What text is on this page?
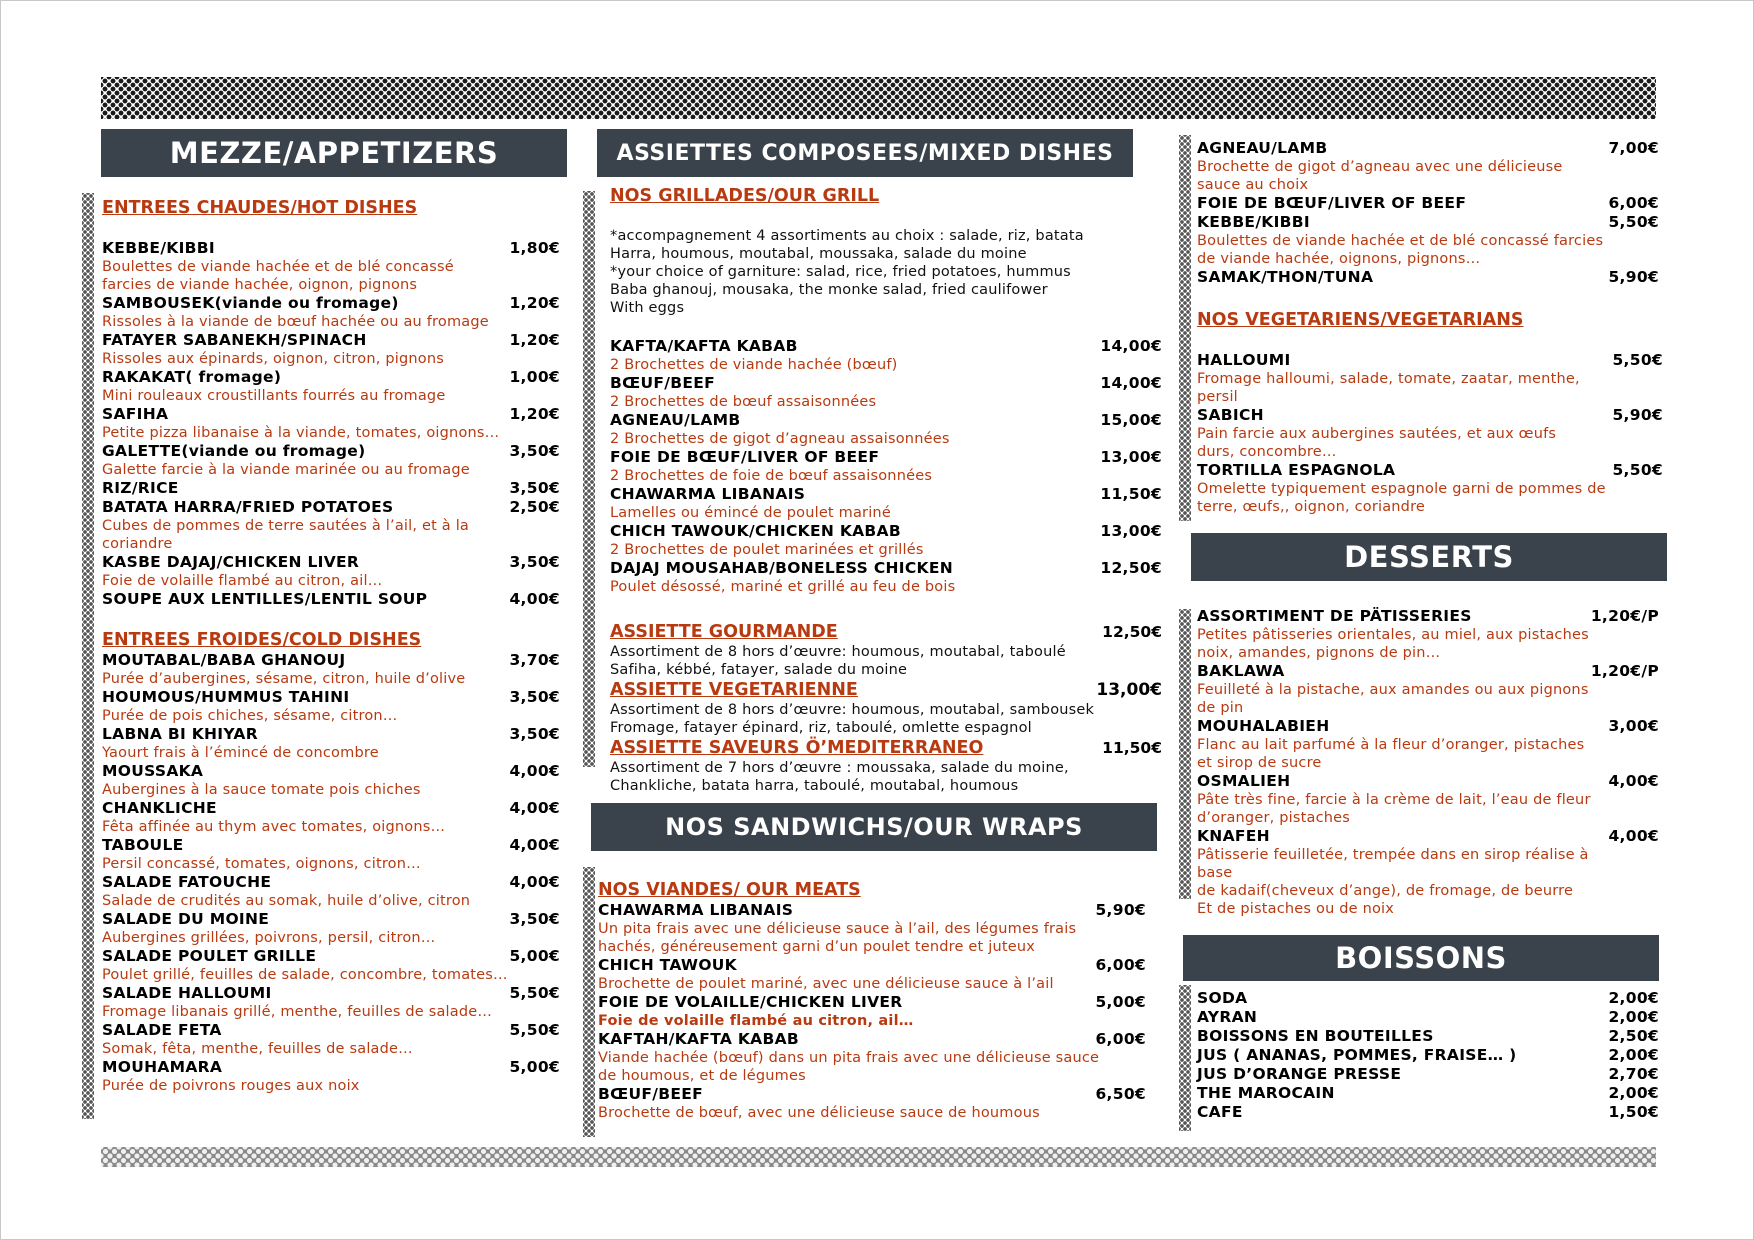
MEZZE/APPETIZERS	ASSIETTES COMPOSEES/MIXED DISHES
NOS SANDWICHS/OUR WRAPS
DESSERTS
BOISSONS
ENTREES CHAUDES/HOT DISHES
KEBBE/KIBBI	1,80€
Boulettes de viande hachée et de blé concassé
farcies de viande hachée, oignon, pignons
SAMBOUSEK(viande ou fromage)	1,20€
Rissoles à la viande de bœuf hachée ou au fromage
FATAYER SABANEKH/SPINACH	1,20€
Rissoles aux épinards, oignon, citron, pignons
RAKAKAT( fromage)	1,00€
Mini rouleaux croustillants fourrés au fromage
SAFIHA	1,20€
Petite pizza libanaise à la viande, tomates, oignons…
GALETTE(viande ou fromage)	3,50€
Galette farcie à la viande marinée ou au fromage
RIZ/RICE	3,50€
BATATA HARRA/FRIED POTATOES	2,50€
Cubes de pommes de terre sautées à l’ail, et à la
coriandre
KASBE DAJAJ/CHICKEN LIVER	3,50€
Foie de volaille flambé au citron, ail…
SOUPE AUX LENTILLES/LENTIL SOUP	4,00€
ENTREES FROIDES/COLD DISHES
MOUTABAL/BABA GHANOUJ	3,70€
Purée d’aubergines, sésame, citron, huile d’olive
HOUMOUS/HUMMUS TAHINI	3,50€
Purée de pois chiches, sésame, citron…
LABNA BI KHIYAR	3,50€
Yaourt frais à l’émincé de concombre
MOUSSAKA	4,00€
Aubergines à la sauce tomate pois chiches
CHANKLICHE	4,00€
Fêta affinée au thym avec tomates, oignons…
TABOULE	4,00€
Persil concassé, tomates, oignons, citron…
SALADE FATOUCHE	4,00€
Salade de crudités au somak, huile d’olive, citron
SALADE DU MOINE	3,50€
Aubergines grillées, poivrons, persil, citron…
SALADE POULET GRILLE	5,00€
Poulet grillé, feuilles de salade, concombre, tomates…
SALADE HALLOUMI	5,50€
Fromage libanais grillé, menthe, feuilles de salade…
SALADE FETA	5,50€
Somak, fêta, menthe, feuilles de salade…
MOUHAMARA	5,00€
Purée de poivrons rouges aux noix
NOS GRILLADES/OUR GRILL
*accompagnement 4 assortiments au choix : salade, riz, batata
Harra, houmous, moutabal, moussaka, salade du moine
*your choice of garniture: salad, rice, fried potatoes, hummus
Baba ghanouj, mousaka, the monke salad, fried caulifower
With eggs
KAFTA/KAFTA KABAB	14,00€
2 Brochettes de viande hachée (bœuf)
BŒUF/BEEF	14,00€
2 Brochettes de bœuf assaisonnées
AGNEAU/LAMB	15,00€
2 Brochettes de gigot d’agneau assaisonnées
FOIE DE BŒUF/LIVER OF BEEF	13,00€
2 Brochettes de foie de bœuf assaisonnées
CHAWARMA LIBANAIS	11,50€
Lamelles ou émincé de poulet mariné
CHICH TAWOUK/CHICKEN KABAB	13,00€
2 Brochettes de poulet marinées et grillés
DAJAJ MOUSAHAB/BONELESS CHICKEN	12,50€
Poulet désossé, mariné et grillé au feu de bois
ASSIETTE GOURMANDE	12,50€
Assortiment de 8 hors d’œuvre: houmous, moutabal, taboulé
Safiha, kébbé, fatayer, salade du moine
ASSIETTE VEGETARIENNE	13,00€
Assortiment de 8 hors d’œuvre: houmous, moutabal, sambousek
Fromage, fatayer épinard, riz, taboulé, omlette espagnol
ASSIETTE SAVEURS Ö’MEDITERRANEO	11,50€
Assortiment de 7 hors d’œuvre : moussaka, salade du moine,
Chankliche, batata harra, taboulé, moutabal, houmous
NOS VIANDES/ OUR MEATS
CHAWARMA LIBANAIS	5,90€
Un pita frais avec une délicieuse sauce à l’ail, des légumes frais
hachés, généreusement garni d’un poulet tendre et juteux
CHICH TAWOUK	6,00€
Brochette de poulet mariné, avec une délicieuse sauce à l’ail
FOIE DE VOLAILLE/CHICKEN LIVER	5,00€
Foie de volaille flambé au citron, ail…
KAFTAH/KAFTA KABAB	6,00€
Viande hachée (bœuf) dans un pita frais avec une délicieuse sauce
de houmous, et de légumes
BŒUF/BEEF	6,50€
Brochette de bœuf, avec une délicieuse sauce de houmous
AGNEAU/LAMB	7,00€
Brochette de gigot d’agneau avec une délicieuse
sauce au choix
FOIE DE BŒUF/LIVER OF BEEF	6,00€
KEBBE/KIBBI	5,50€
Boulettes de viande hachée et de blé concassé farcies
de viande hachée, oignons, pignons…
SAMAK/THON/TUNA	5,90€
NOS VEGETARIENS/VEGETARIANS
HALLOUMI	5,50€
Fromage halloumi, salade, tomate, zaatar, menthe,
persil
SABICH	5,90€
Pain farcie aux aubergines sautées, et aux œufs
durs, concombre…
TORTILLA ESPAGNOLA	5,50€
Omelette typiquement espagnole garni de pommes de
terre, œufs,, oignon, coriandre
ASSORTIMENT DE PÄTISSERIES	1,20€/P
Petites pâtisseries orientales, au miel, aux pistaches
noix, amandes, pignons de pin…
BAKLAWA	1,20€/P
Feuilleté à la pistache, aux amandes ou aux pignons
de pin
MOUHALABIEH	3,00€
Flanc au lait parfumé à la fleur d’oranger, pistaches
et sirop de sucre
OSMALIEH	4,00€
Pâte très fine, farcie à la crème de lait, l’eau de fleur
d’oranger, pistaches
KNAFEH	4,00€
Pâtisserie feuilletée, trempée dans en sirop réalise à
base
de kadaif(cheveux d’ange), de fromage, de beurre
Et de pistaches ou de noix
SODA	2,00€
AYRAN	2,00€
BOISSONS EN BOUTEILLES	2,50€
JUS ( ANANAS, POMMES, FRAISE… )	2,00€
JUS D’ORANGE PRESSE	2,70€
THE MAROCAIN	2,00€
CAFE	1,50€
